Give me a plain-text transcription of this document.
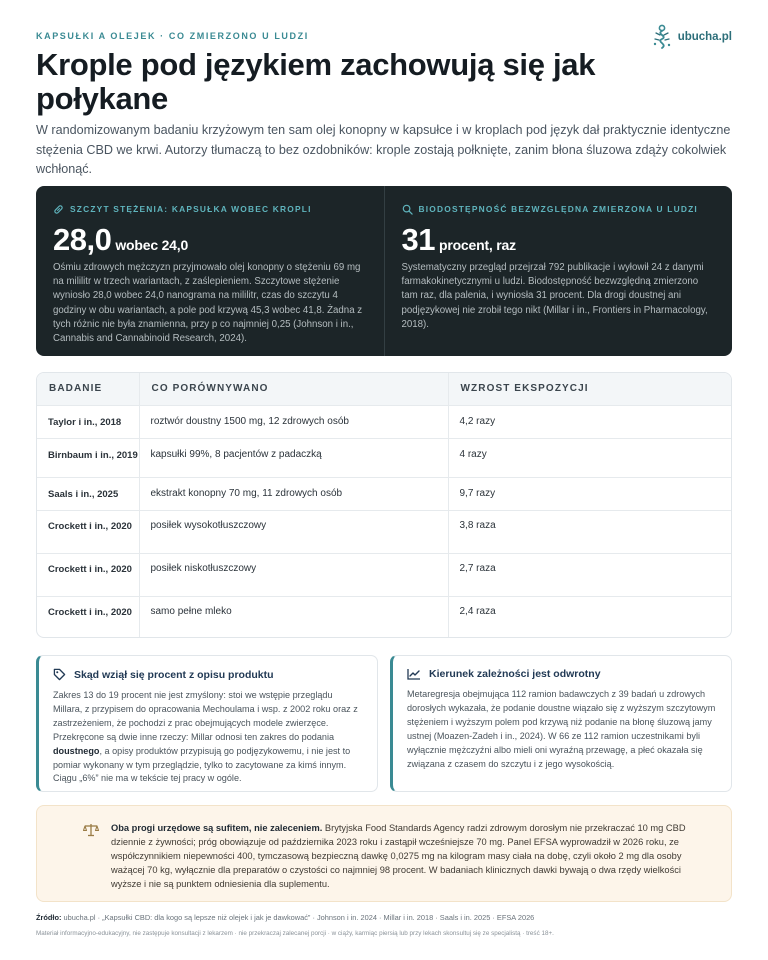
KAPSUŁKI A OLEJEK · CO ZMIERZONO U LUDZI	ubucha.pl
Krople pod językiem zachowują się jak połykane

W randomizowanym badaniu krzyżowym ten sam olej konopny w kapsułce i w kroplach pod język dał praktycznie identyczne stężenia CBD we krwi. Autorzy tłumaczą to bez ozdobników: krople zostają połknięte, zanim błona śluzowa zdąży cokolwiek wchłonąć.

SZCZYT STĘŻENIA: KAPSUŁKA WOBEC KROPLI
28,0 wobec 24,0

Ośmiu zdrowych mężczyzn przyjmowało olej konopny o stężeniu 69 mg na mililitr w trzech wariantach, z zaślepieniem. Szczytowe stężenie wyniosło 28,0 wobec 24,0 nanograma na mililitr, czas do szczytu 4 godziny w obu wariantach, a pole pod krzywą 45,3 wobec 41,8. Żadna z tych różnic nie była znamienna, przy p co najmniej 0,25 (Johnson i in., Cannabis and Cannabinoid Research, 2024).

BIODOSTĘPNOŚĆ BEZWZGLĘDNA ZMIERZONA U LUDZI
31 procent, raz

Systematyczny przegląd przejrzał 792 publikacje i wyłowił 24 z danymi farmakokinetycznymi u ludzi. Biodostępność bezwzględną zmierzono tam raz, dla palenia, i wyniosła 31 procent. Dla drogi doustnej ani podjęzykowej nie zrobił tego nikt (Millar i in., Frontiers in Pharmacology, 2018).

BADANIE	CO PORÓWNYWANO	WZROST EKSPOZYCJI
Taylor i in., 2018	roztwór doustny 1500 mg, 12 zdrowych osób	4,2 razy
Birnbaum i in., 2019	kapsułki 99%, 8 pacjentów z padaczką	4 razy
Saals i in., 2025	ekstrakt konopny 70 mg, 11 zdrowych osób	9,7 razy
Crockett i in., 2020	posiłek wysokotłuszczowy	3,8 raza
Crockett i in., 2020	posiłek niskotłuszczowy	2,7 raza
Crockett i in., 2020	samo pełne mleko	2,4 raza
Skąd wziął się procent z opisu produktu

Zakres 13 do 19 procent nie jest zmyślony: stoi we wstępie przeglądu Millara, z przypisem do opracowania Mechoulama i wsp. z 2002 roku oraz z zastrzeżeniem, że pochodzi z prac obejmujących modele zwierzęce. Przekręcone są dwie inne rzeczy: Millar odnosi ten zakres do podania doustnego, a opisy produktów przypisują go podjęzykowemu, i nie jest to pomiar wykonany w tym przeglądzie, tylko to zacytowane za kimś innym. Ciągu „6%” nie ma w tekście tej pracy w ogóle.

Kierunek zależności jest odwrotny

Metaregresja obejmująca 112 ramion badawczych z 39 badań u zdrowych dorosłych wykazała, że podanie doustne wiązało się z wyższym szczytowym stężeniem i wyższym polem pod krzywą niż podanie na błonę śluzową jamy ustnej (Moazen-Zadeh i in., 2024). W 66 ze 112 ramion uczestnikami byli wyłącznie mężczyźni albo mieli oni wyraźną przewagę, a płeć okazała się związana z czasem do szczytu i z jego wysokością.

Oba progi urzędowe są sufitem, nie zaleceniem. Brytyjska Food Standards Agency radzi zdrowym dorosłym nie przekraczać 10 mg CBD dziennie z żywności; próg obowiązuje od października 2023 roku i zastąpił wcześniejsze 70 mg. Panel EFSA wyprowadził w 2026 roku, ze współczynnikiem niepewności 400, tymczasową bezpieczną dawkę 0,0275 mg na kilogram masy ciała na dobę, czyli około 2 mg dla osoby ważącej 70 kg, wyłącznie dla preparatów o czystości co najmniej 98 procent. W badaniach klinicznych dawki bywają o dwa rzędy wielkości wyższe i nie są punktem odniesienia dla suplementu.

Źródło: ubucha.pl · „Kapsułki CBD: dla kogo są lepsze niż olejek i jak je dawkować” · Johnson i in. 2024 · Millar i in. 2018 · Saals i in. 2025 · EFSA 2026

Materiał informacyjno-edukacyjny, nie zastępuje konsultacji z lekarzem · nie przekraczaj zalecanej porcji · w ciąży, karmiąc piersią lub przy lekach skonsultuj się ze specjalistą · treść 18+.
